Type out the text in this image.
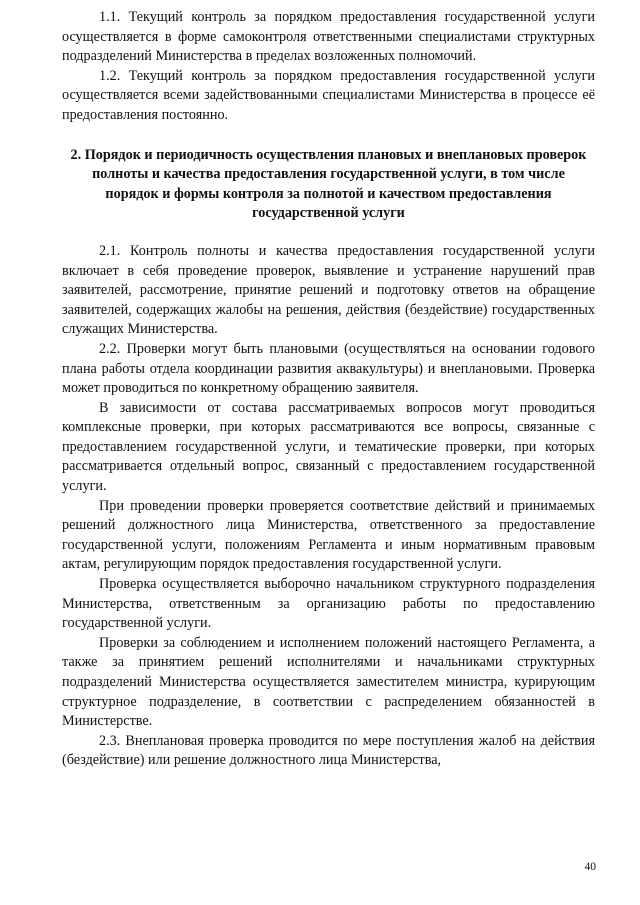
1.1. Текущий контроль за порядком предоставления государственной услуги осуществляется в форме самоконтроля ответственными специалистами структурных подразделений Министерства в пределах возложенных полномочий.

1.2. Текущий контроль за порядком предоставления государственной услуги осуществляется всеми задействованными специалистами Министерства в процессе её предоставления постоянно.

2. Порядок и периодичность осуществления плановых и внеплановых проверок полноты и качества предоставления государственной услуги, в том числе порядок и формы контроля за полнотой и качеством предоставления государственной услуги

2.1. Контроль полноты и качества предоставления государственной услуги включает в себя проведение проверок, выявление и устранение нарушений прав заявителей, рассмотрение, принятие решений и подготовку ответов на обращение заявителей, содержащих жалобы на решения, действия (бездействие) государственных служащих Министерства.

2.2. Проверки могут быть плановыми (осуществляться на основании годового плана работы отдела координации развития аквакультуры) и внеплановыми. Проверка может проводиться по конкретному обращению заявителя.

В зависимости от состава рассматриваемых вопросов могут проводиться комплексные проверки, при которых рассматриваются все вопросы, связанные с предоставлением государственной услуги, и тематические проверки, при которых рассматривается отдельный вопрос, связанный с предоставлением государственной услуги.

При проведении проверки проверяется соответствие действий и принимаемых решений должностного лица Министерства, ответственного за предоставление государственной услуги, положениям Регламента и иным нормативным правовым актам, регулирующим порядок предоставления государственной услуги.

Проверка осуществляется выборочно начальником структурного подразделения Министерства, ответственным за организацию работы по предоставлению государственной услуги.

Проверки за соблюдением и исполнением положений настоящего Регламента, а также за принятием решений исполнителями и начальниками структурных подразделений Министерства осуществляется заместителем министра, курирующим структурное подразделение, в соответствии с распределением обязанностей в Министерстве.

2.3. Внеплановая проверка проводится по мере поступления жалоб на действия (бездействие) или решение должностного лица Министерства,

40
